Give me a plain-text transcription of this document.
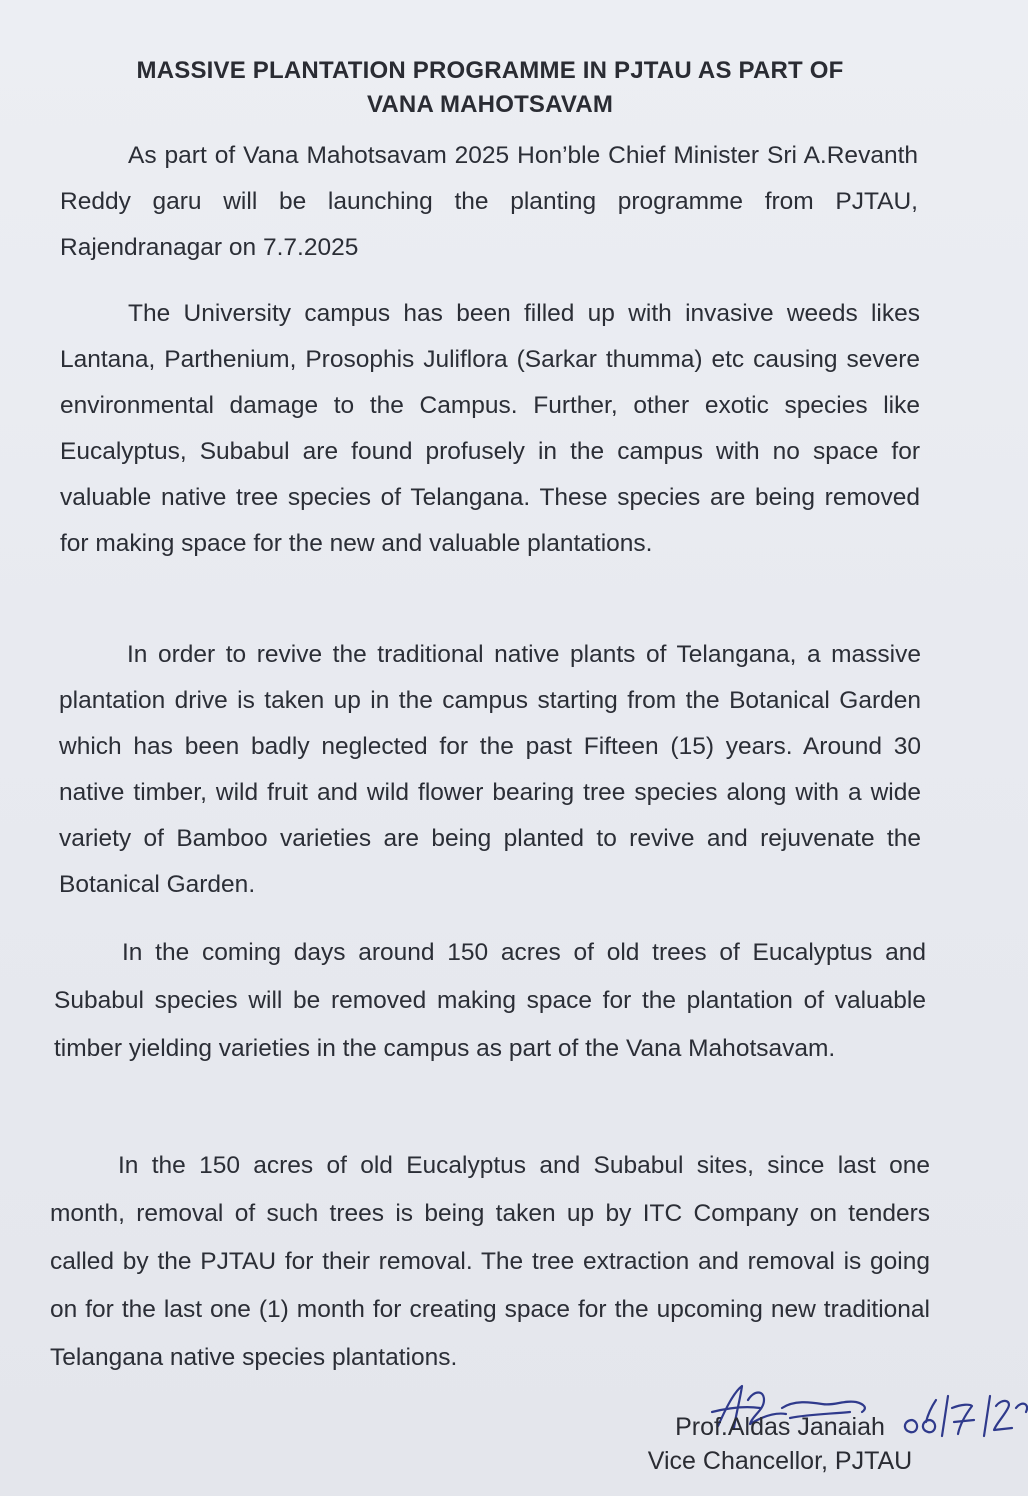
MASSIVE PLANTATION PROGRAMME IN PJTAU AS PART OF
VANA MAHOTSAVAM
As part of Vana Mahotsavam 2025 Hon’ble Chief Minister Sri A.Revanth Reddy garu will be launching the planting programme from PJTAU, Rajendranagar on 7.7.2025
The University campus has been filled up with invasive weeds likes Lantana, Parthenium, Prosophis Juliflora (Sarkar thumma) etc causing severe environmental damage to the Campus. Further, other exotic species like Eucalyptus, Subabul are found profusely in the campus with no space for valuable native tree species of Telangana. These species are being removed for making space for the new and valuable plantations.
In order to revive the traditional native plants of Telangana, a massive plantation drive is taken up in the campus starting from the Botanical Garden which has been badly neglected for the past Fifteen (15) years. Around 30 native timber, wild fruit and wild flower bearing tree species along with a wide variety of Bamboo varieties are being planted to revive and rejuvenate the Botanical Garden.
In the coming days around 150 acres of old trees of Eucalyptus and Subabul species will be removed making space for the plantation of valuable timber yielding varieties in the campus as part of the Vana Mahotsavam.
In the 150 acres of old Eucalyptus and Subabul sites, since last one month, removal of such trees is being taken up by ITC Company on tenders called by the PJTAU for their removal. The tree extraction and removal is going on for the last one (1) month for creating space for the upcoming new traditional Telangana native species plantations.
Prof.Aldas Janaiah
Vice Chancellor, PJTAU
